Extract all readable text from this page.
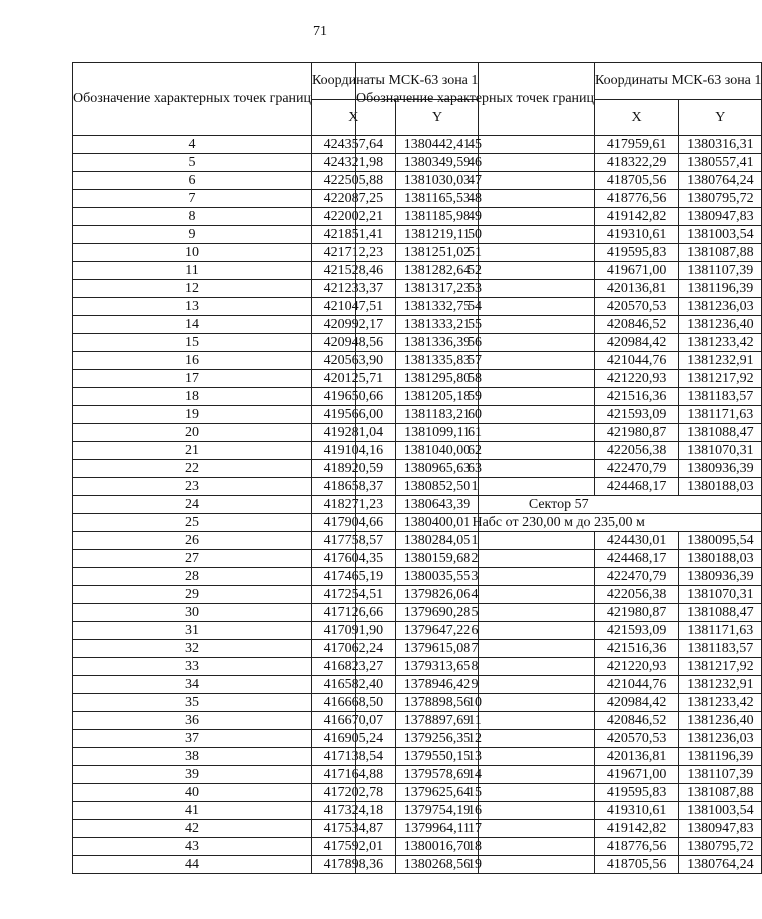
71
Обозначение характерных точек границ	Координаты МСК-63 зона 1	
	X	Y
4	424357,64	1380442,41
5	424321,98	1380349,59
6	422505,88	1381030,03
7	422087,25	1381165,53
8	422002,21	1381185,98
9	421851,41	1381219,11
10	421712,23	1381251,02
11	421528,46	1381282,64
12	421233,37	1381317,23
13	421047,51	1381332,75
14	420992,17	1381333,21
15	420948,56	1381336,39
16	420563,90	1381335,83
17	420125,71	1381295,80
18	419650,66	1381205,18
19	419566,00	1381183,21
20	419281,04	1381099,11
21	419104,16	1381040,00
22	418920,59	1380965,63
23	418658,37	1380852,50
24	418271,23	1380643,39
25	417904,66	1380400,01
26	417758,57	1380284,05
27	417604,35	1380159,68
28	417465,19	1380035,55
29	417254,51	1379826,06
30	417126,66	1379690,28
31	417091,90	1379647,22
32	417062,24	1379615,08
33	416823,27	1379313,65
34	416582,40	1378946,42
35	416668,50	1378898,56
36	416670,07	1378897,69
37	416905,24	1379256,35
38	417138,54	1379550,15
39	417164,88	1379578,69
40	417202,78	1379625,64
41	417324,18	1379754,19
42	417534,87	1379964,11
43	417592,01	1380016,70
44	417898,36	1380268,56
Обозначение характерных точек границ	Координаты МСК-63 зона 1	
	X	Y
45	417959,61	1380316,31
46	418322,29	1380557,41
47	418705,56	1380764,24
48	418776,56	1380795,72
49	419142,82	1380947,83
50	419310,61	1381003,54
51	419595,83	1381087,88
52	419671,00	1381107,39
53	420136,81	1381196,39
54	420570,53	1381236,03
55	420846,52	1381236,40
56	420984,42	1381233,42
57	421044,76	1381232,91
58	421220,93	1381217,92
59	421516,36	1381183,57
60	421593,09	1381171,63
61	421980,87	1381088,47
62	422056,38	1381070,31
63	422470,79	1380936,39
1	424468,17	1380188,03
Сектор 57		
Набс от 230,00 м до 235,00 м		
1	424430,01	1380095,54
2	424468,17	1380188,03
3	422470,79	1380936,39
4	422056,38	1381070,31
5	421980,87	1381088,47
6	421593,09	1381171,63
7	421516,36	1381183,57
8	421220,93	1381217,92
9	421044,76	1381232,91
10	420984,42	1381233,42
11	420846,52	1381236,40
12	420570,53	1381236,03
13	420136,81	1381196,39
14	419671,00	1381107,39
15	419595,83	1381087,88
16	419310,61	1381003,54
17	419142,82	1380947,83
18	418776,56	1380795,72
19	418705,56	1380764,24
